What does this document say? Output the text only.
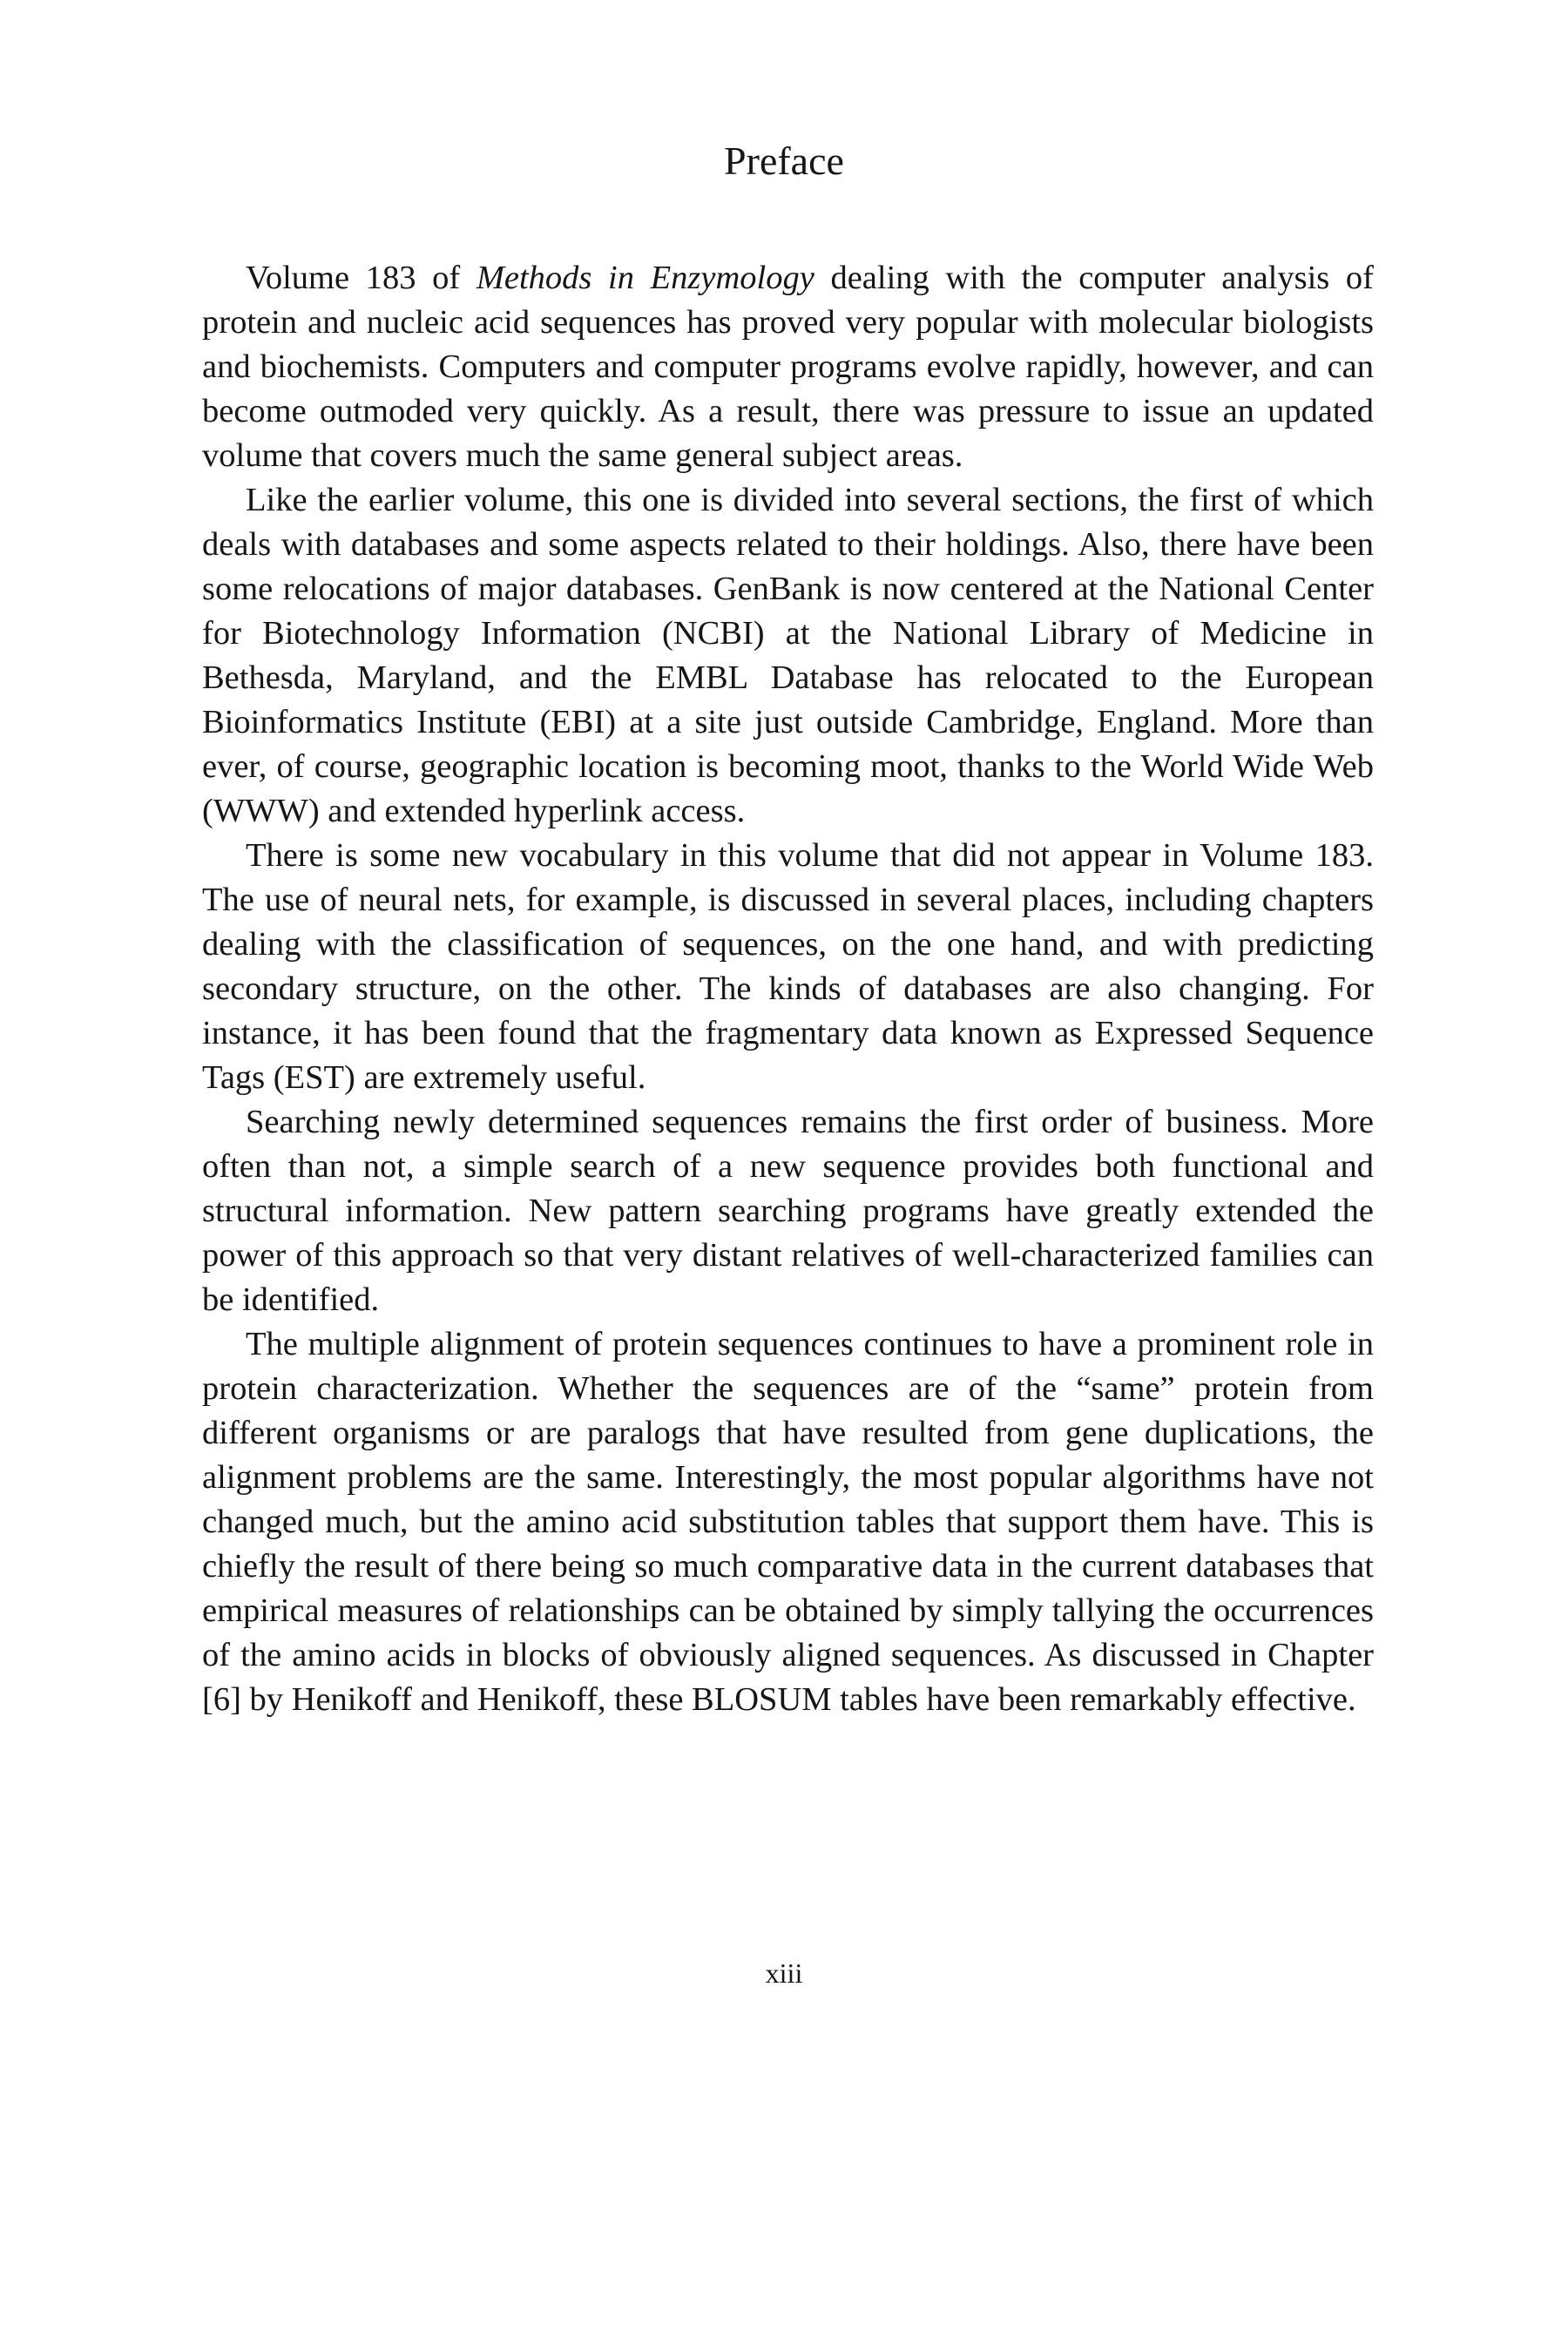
Preface

Volume 183 of Methods in Enzymology dealing with the computer analysis of protein and nucleic acid sequences has proved very popular with molecular biologists and biochemists. Computers and computer programs evolve rapidly, however, and can become outmoded very quickly. As a result, there was pressure to issue an updated volume that covers much the same general subject areas.

Like the earlier volume, this one is divided into several sections, the first of which deals with databases and some aspects related to their holdings. Also, there have been some relocations of major databases. GenBank is now centered at the National Center for Biotechnology Information (NCBI) at the National Library of Medicine in Bethesda, Maryland, and the EMBL Database has relocated to the European Bioinformatics Institute (EBI) at a site just outside Cambridge, England. More than ever, of course, geographic location is becoming moot, thanks to the World Wide Web (WWW) and extended hyperlink access.

There is some new vocabulary in this volume that did not appear in Volume 183. The use of neural nets, for example, is discussed in several places, including chapters dealing with the classification of sequences, on the one hand, and with predicting secondary structure, on the other. The kinds of databases are also changing. For instance, it has been found that the fragmentary data known as Expressed Sequence Tags (EST) are extremely useful.

Searching newly determined sequences remains the first order of business. More often than not, a simple search of a new sequence provides both functional and structural information. New pattern searching programs have greatly extended the power of this approach so that very distant relatives of well-characterized families can be identified.

The multiple alignment of protein sequences continues to have a prominent role in protein characterization. Whether the sequences are of the “same” protein from different organisms or are paralogs that have resulted from gene duplications, the alignment problems are the same. Interestingly, the most popular algorithms have not changed much, but the amino acid substitution tables that support them have. This is chiefly the result of there being so much comparative data in the current databases that empirical measures of relationships can be obtained by simply tallying the occurrences of the amino acids in blocks of obviously aligned sequences. As discussed in Chapter [6] by Henikoff and Henikoff, these BLOSUM tables have been remarkably effective.

xiii
